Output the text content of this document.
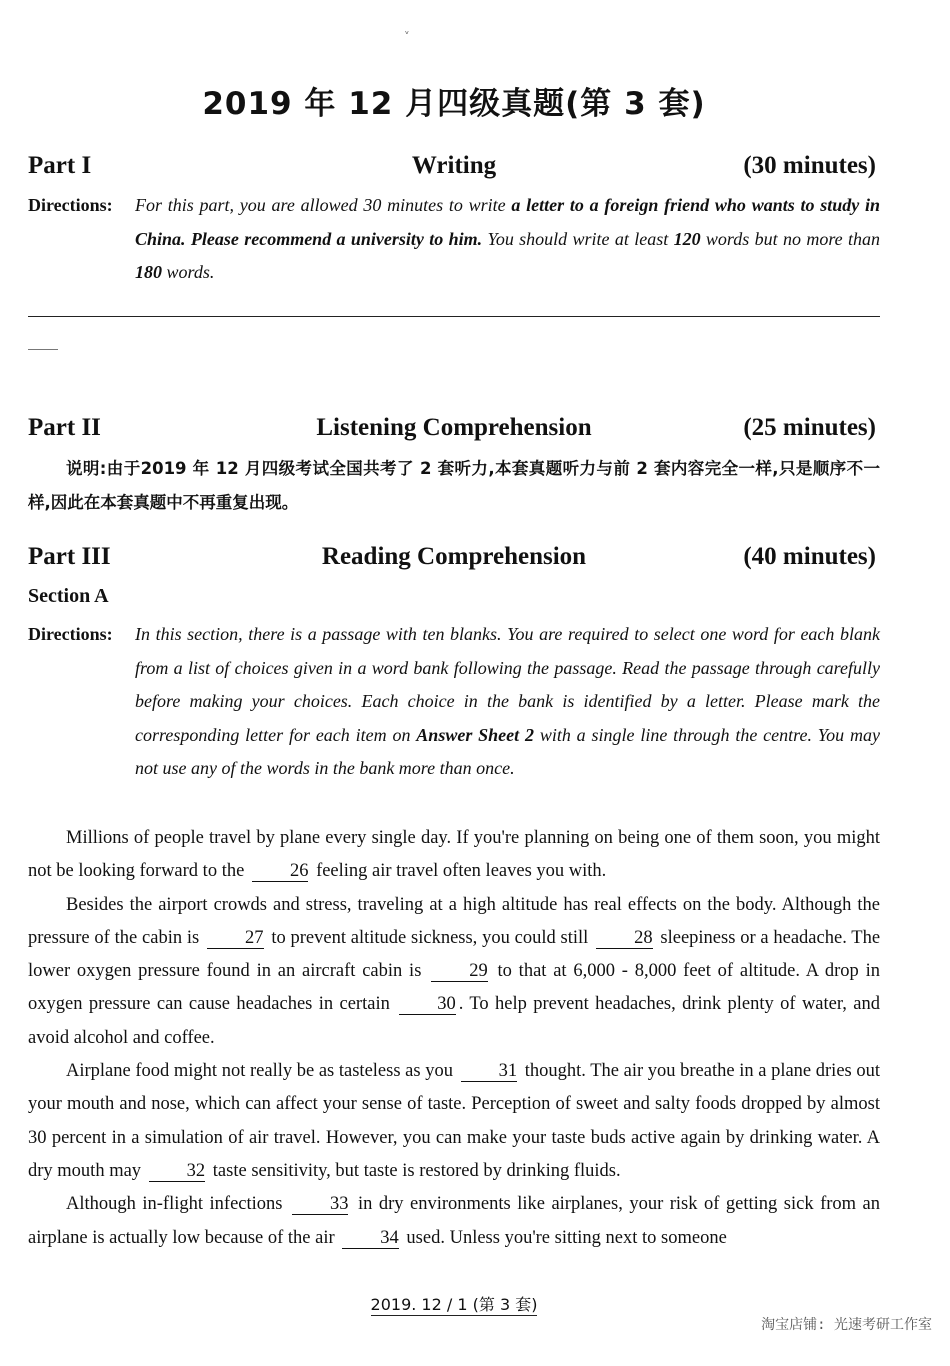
ᵥ
2019 年 12 月四级真题(第 3 套)
Part I	Writing	(30 minutes)
Directions: For this part, you are allowed 30 minutes to write a letter to a foreign friend who wants to study in China. Please recommend a university to him. You should write at least 120 words but no more than 180 words.
Part II	Listening Comprehension	(25 minutes)
说明:由于2019 年 12 月四级考试全国共考了 2 套听力,本套真题听力与前 2 套内容完全一样,只是顺序不一样,因此在本套真题中不再重复出现。
Part III	Reading Comprehension	(40 minutes)
Section A
Directions: In this section, there is a passage with ten blanks. You are required to select one word for each blank from a list of choices given in a word bank following the passage. Read the passage through carefully before making your choices. Each choice in the bank is identified by a letter. Please mark the corresponding letter for each item on Answer Sheet 2 with a single line through the centre. You may not use any of the words in the bank more than once.

Millions of people travel by plane every single day. If you're planning on being one of them soon, you might not be looking forward to the 26 feeling air travel often leaves you with.

Besides the airport crowds and stress, traveling at a high altitude has real effects on the body. Although the pressure of the cabin is 27 to prevent altitude sickness, you could still 28 sleepiness or a headache. The lower oxygen pressure found in an aircraft cabin is	29 to that at 6,000 - 8,000 feet of altitude. A drop in oxygen pressure can cause headaches in certain	30 . To help prevent headaches, drink plenty of water, and avoid alcohol and coffee.

Airplane food might not really be as tasteless as you 31 thought. The air you breathe in a plane dries out your mouth and nose, which can affect your sense of taste. Perception of sweet and salty foods dropped by almost 30 percent in a simulation of air travel. However, you can make your taste buds active again by drinking water. A dry mouth may 32 taste sensitivity, but taste is restored by drinking fluids.

Although in-flight infections	33 in dry environments like airplanes, your risk of getting sick from an airplane is actually low because of the air 34 used. Unless you're sitting next to someone

2019. 12 / 1 (第 3 套)
淘宝店铺: 光速考研工作室
